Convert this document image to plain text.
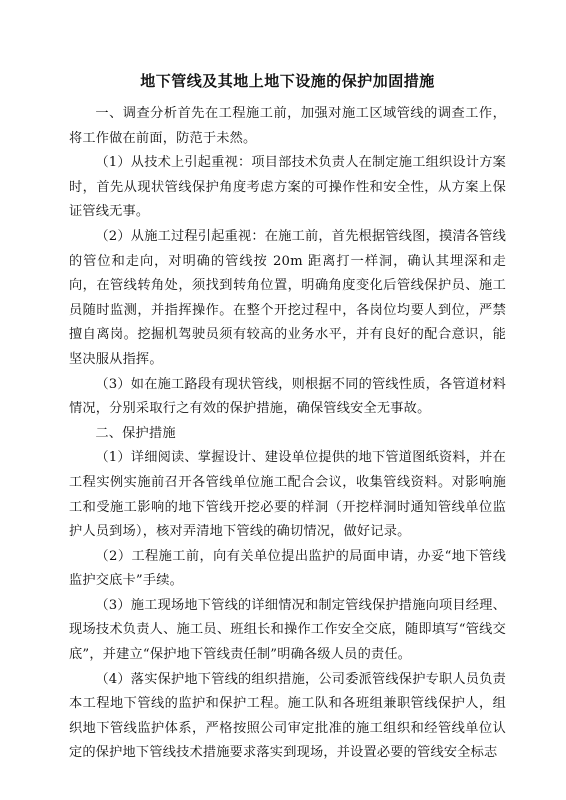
地下管线及其地上地下设施的保护加固措施

一、调查分析首先在工程施工前，加强对施工区域管线的调查工作，将工作做在前面，防范于未然。

（1）从技术上引起重视：项目部技术负责人在制定施工组织设计方案时，首先从现状管线保护角度考虑方案的可操作性和安全性，从方案上保证管线无事。

（2）从施工过程引起重视：在施工前，首先根据管线图，摸清各管线的管位和走向，对明确的管线按 20m 距离打一样洞，确认其埋深和走向，在管线转角处，须找到转角位置，明确角度变化后管线保护员、施工员随时监测，并指挥操作。在整个开挖过程中，各岗位均要人到位，严禁擅自离岗。挖掘机驾驶员须有较高的业务水平，并有良好的配合意识，能坚决服从指挥。

（3）如在施工路段有现状管线，则根据不同的管线性质，各管道材料情况，分别采取行之有效的保护措施，确保管线安全无事故。

二、保护措施

（1）详细阅读、掌握设计、建设单位提供的地下管道图纸资料，并在工程实例实施前召开各管线单位施工配合会议，收集管线资料。对影响施工和受施工影响的地下管线开挖必要的样洞（开挖样洞时通知管线单位监护人员到场），核对弄清地下管线的确切情况，做好记录。

（2）工程施工前，向有关单位提出监护的局面申请，办妥“地下管线监护交底卡”手续。

（3）施工现场地下管线的详细情况和制定管线保护措施向项目经理、现场技术负责人、施工员、班组长和操作工作安全交底，随即填写“管线交底”，并建立“保护地下管线责任制”明确各级人员的责任。

（4）落实保护地下管线的组织措施，公司委派管线保护专职人员负责本工程地下管线的监护和保护工程。施工队和各班组兼职管线保护人，组织地下管线监护体系，严格按照公司审定批准的施工组织和经管线单位认定的保护地下管线技术措施要求落实到现场，并设置必要的管线安全标志
